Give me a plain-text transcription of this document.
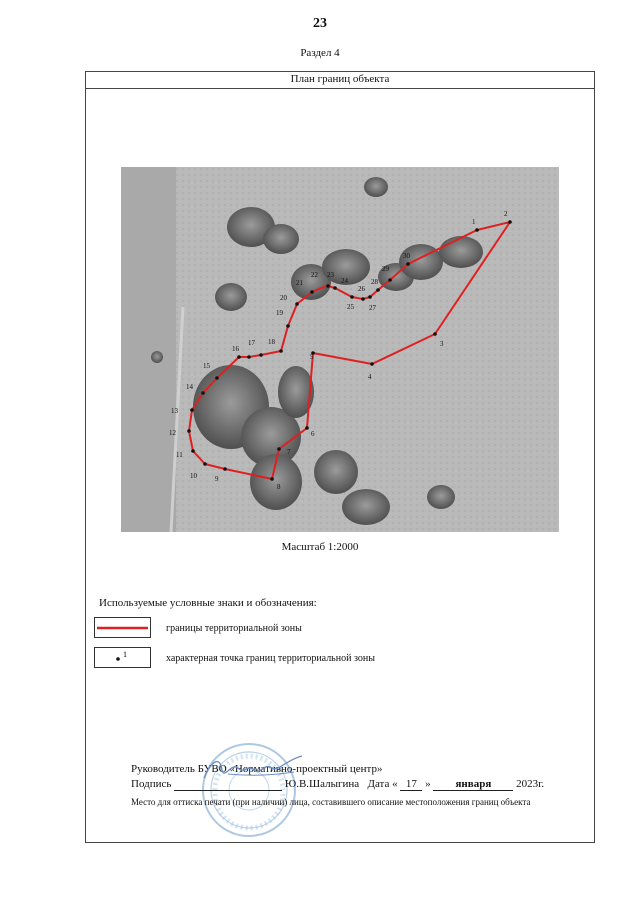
23
Раздел 4
План границ объекта
1
2
3
4
5
6
7
8
9
10
11
12
13
14
15
16
17 18
19
20
21
22 23
24
25
26
27
28
29
30
Масштаб 1:2000
Используемые условные знаки и обозначения:
границы территориальной зоны
1	характерная точка границ территориальной зоны
Руководитель БУВО «Нормативно-проектный центр»
Подпись	Ю.В.Шалыгина Дата « 17 » января 2023г.
Место для оттиска печати (при наличии) лица, составившего описание местоположения границ объекта
